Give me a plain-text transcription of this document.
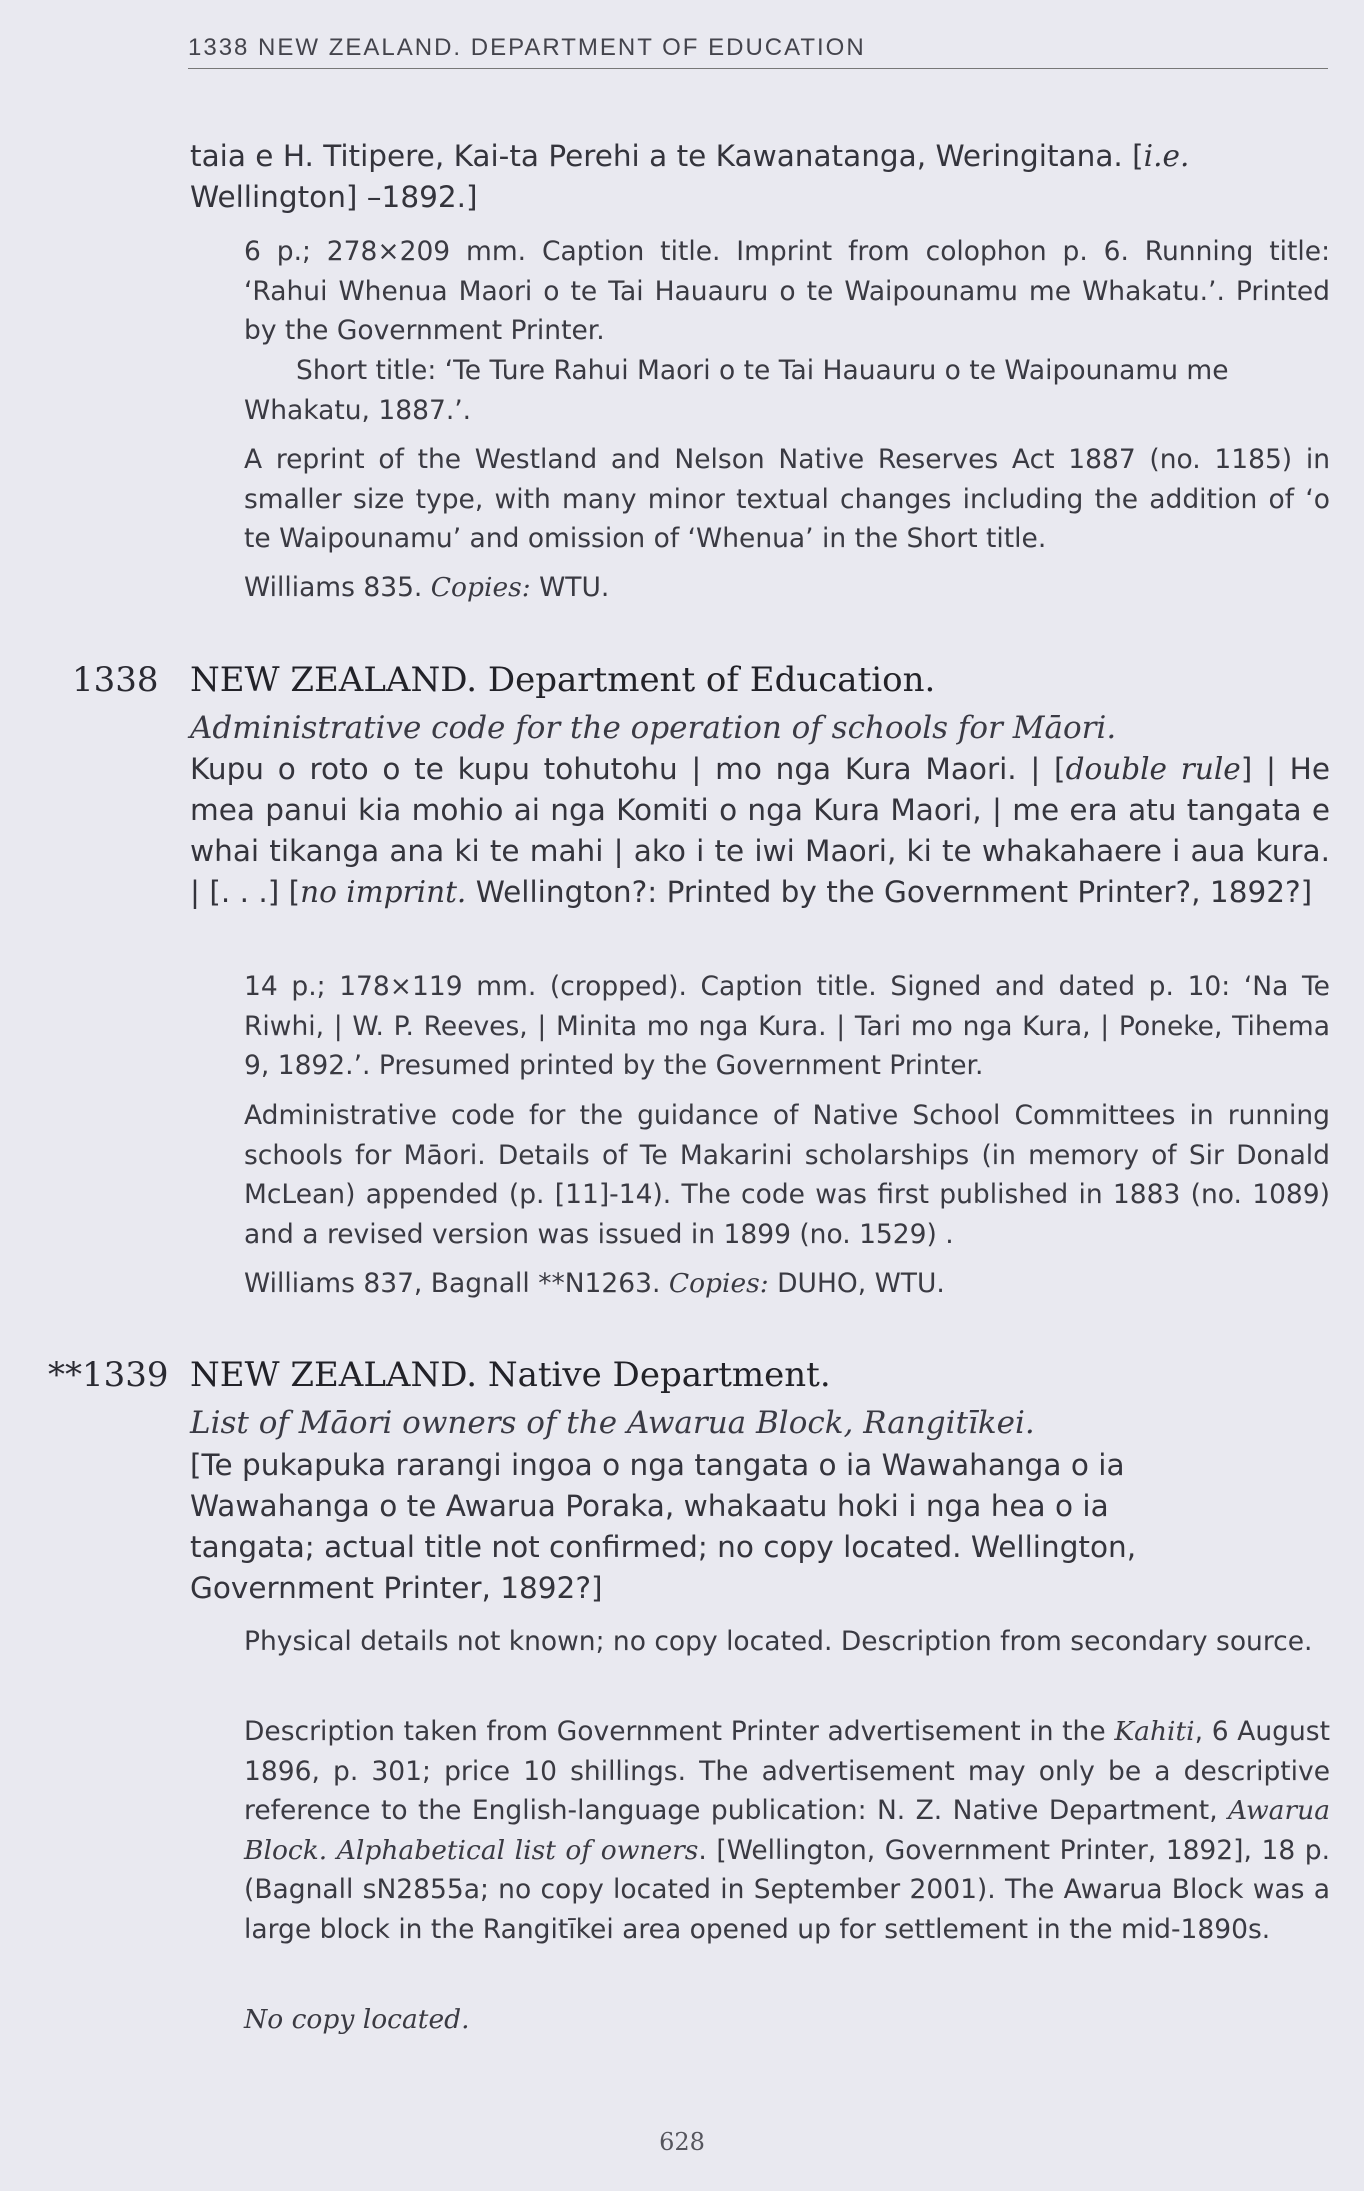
1338 NEW ZEALAND. DEPARTMENT OF EDUCATION
taia e H. Titipere, Kai-ta Perehi a te Kawanatanga, Weringitana. [i.e. Wellington] –1892.]
6 p.; 278×209 mm. Caption title. Imprint from colophon p. 6. Running title: ‘Rahui Whenua Maori o te Tai Hauauru o te Waipounamu me Whakatu.’. Printed by the Government Printer.
Short title: ‘Te Ture Rahui Maori o te Tai Hauauru o te Waipounamu me Whakatu, 1887.’.
A reprint of the Westland and Nelson Native Reserves Act 1887 (no. 1185) in smaller size type, with many minor textual changes including the addition of ‘o te Waipounamu’ and omission of ‘Whenua’ in the Short title.
Williams 835. Copies: WTU.
1338 NEW ZEALAND. Department of Education.
Administrative code for the operation of schools for Māori.
Kupu o roto o te kupu tohutohu | mo nga Kura Maori. | [double rule] | He mea panui kia mohio ai nga Komiti o nga Kura Maori, | me era atu tangata e whai tikanga ana ki te mahi | ako i te iwi Maori, ki te whakahaere i aua kura. | [. . .] [no imprint. Wellington?: Printed by the Government Printer?, 1892?]
14 p.; 178×119 mm. (cropped). Caption title. Signed and dated p. 10: ‘Na Te Riwhi, | W. P. Reeves, | Minita mo nga Kura. | Tari mo nga Kura, | Poneke, Tihema 9, 1892.’. Presumed printed by the Government Printer.
Administrative code for the guidance of Native School Committees in running schools for Māori. Details of Te Makarini scholarships (in memory of Sir Donald McLean) appended (p. [11]-14). The code was first published in 1883 (no. 1089) and a revised version was issued in 1899 (no. 1529) .
Williams 837, Bagnall **N1263. Copies: DUHO, WTU.
**1339 NEW ZEALAND. Native Department.
List of Māori owners of the Awarua Block, Rangitīkei.
[Te pukapuka rarangi ingoa o nga tangata o ia Wawahanga o ia Wawahanga o te Awarua Poraka, whakaatu hoki i nga hea o ia tangata; actual title not confirmed; no copy located. Wellington, Government Printer, 1892?]
Physical details not known; no copy located. Description from secondary source.
Description taken from Government Printer advertisement in the Kahiti, 6 August 1896, p. 301; price 10 shillings. The advertisement may only be a descriptive reference to the English-language publication: N. Z. Native Department, Awarua Block. Alphabetical list of owners. [Wellington, Government Printer, 1892], 18 p. (Bagnall sN2855a; no copy located in September 2001). The Awarua Block was a large block in the Rangitīkei area opened up for settlement in the mid-1890s.
No copy located.
628
